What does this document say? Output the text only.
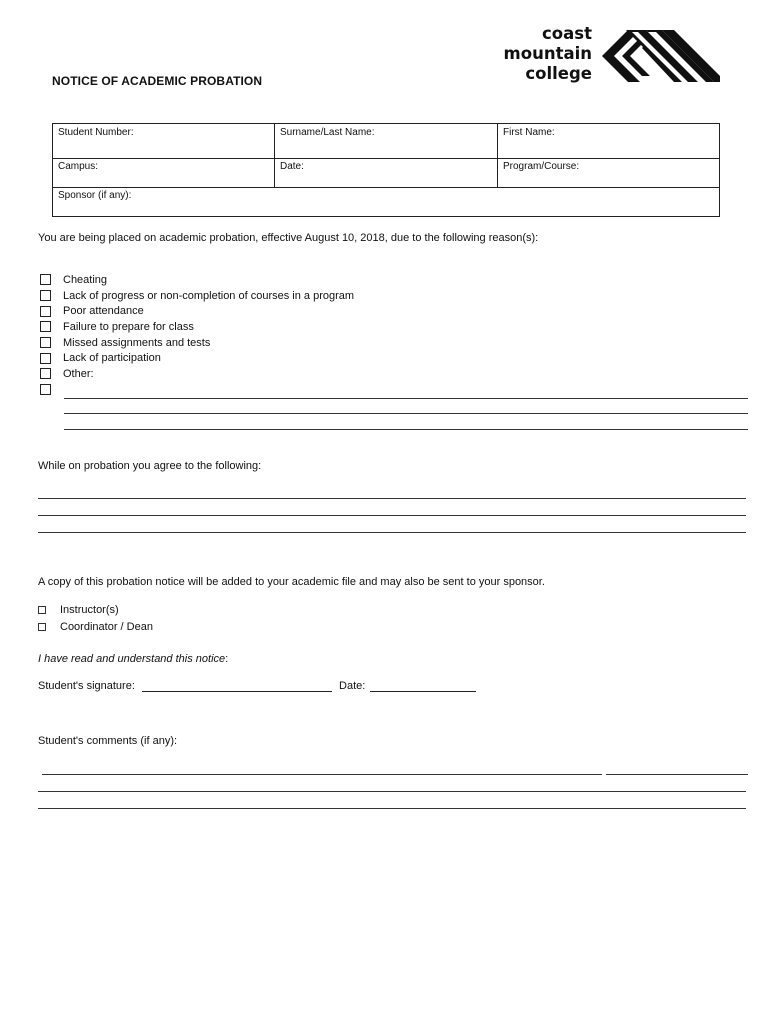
coast
mountain
college
NOTICE OF ACADEMIC PROBATION
Student Number:	Surname/Last Name:	First Name:
Campus:	Date:	Program/Course:
Sponsor (if any):		
You are being placed on academic probation, effective August 10, 2018, due to the following reason(s):
Cheating
Lack of progress or non-completion of courses in a program
Poor attendance
Failure to prepare for class
Missed assignments and tests
Lack of participation
Other:
While on probation you agree to the following:
A copy of this probation notice will be added to your academic file and may also be sent to your sponsor.
Instructor(s)
Coordinator / Dean
I have read and understand this notice:
Student's signature:	Date:
Student's comments (if any):
